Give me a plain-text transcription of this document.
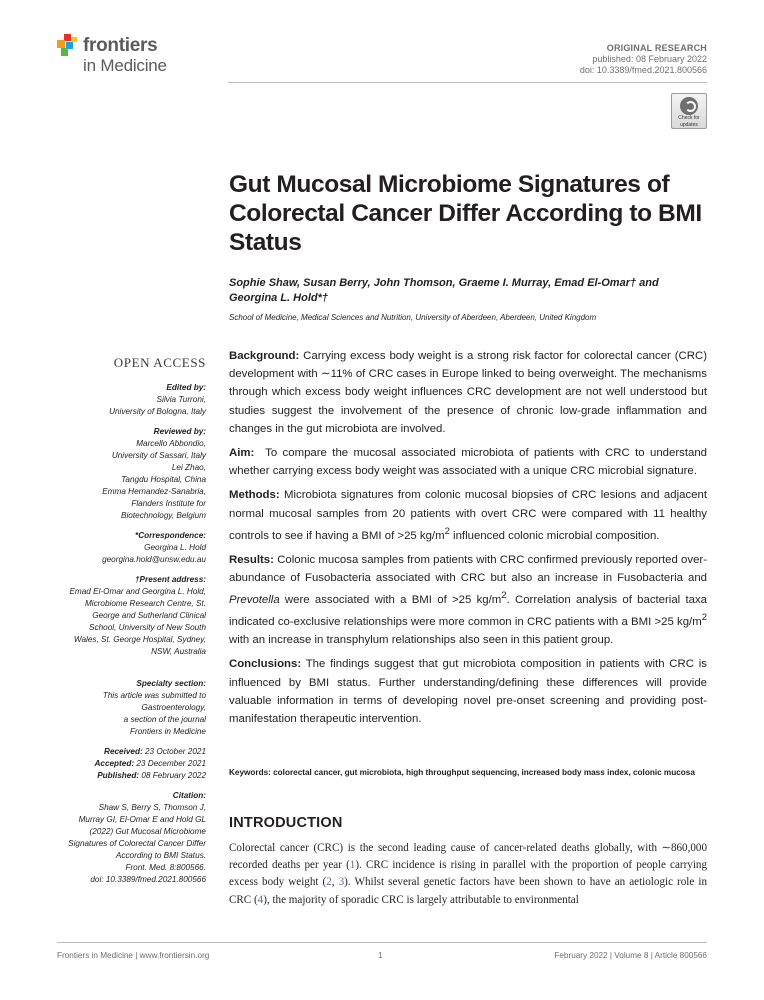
frontiers
in Medicine
ORIGINAL RESEARCH
published: 08 February 2022
doi: 10.3389/fmed.2021.800566
Check for
updates
Gut Mucosal Microbiome Signatures of Colorectal Cancer Differ According to BMI Status
Sophie Shaw, Susan Berry, John Thomson, Graeme I. Murray, Emad El-Omar† and Georgina L. Hold*†
School of Medicine, Medical Sciences and Nutrition, University of Aberdeen, Aberdeen, United Kingdom
OPEN ACCESS
Edited by:
Silvia Turroni,
University of Bologna, Italy
Reviewed by:
Marcello Abbondio,
University of Sassari, Italy
Lei Zhao,
Tangdu Hospital, China
Emma Hernandez-Sanabria,
Flanders Institute for
Biotechnology, Belgium
*Correspondence:
Georgina L. Hold
georgina.hold@unsw.edu.au
†Present address:
Emad El-Omar and Georgina L. Hold,
Microbiome Research Centre, St.
George and Sutherland Clinical
School, University of New South
Wales, St. George Hospital, Sydney,
NSW, Australia
Specialty section:
This article was submitted to
Gastroenterology,
a section of the journal
Frontiers in Medicine
Received: 23 October 2021
Accepted: 23 December 2021
Published: 08 February 2022
Citation:
Shaw S, Berry S, Thomson J,
Murray GI, El-Omar E and Hold GL
(2022) Gut Mucosal Microbiome
Signatures of Colorectal Cancer Differ
According to BMI Status.
Front. Med. 8:800566.
doi: 10.3389/fmed.2021.800566

Background: Carrying excess body weight is a strong risk factor for colorectal cancer (CRC) development with ∼11% of CRC cases in Europe linked to being overweight. The mechanisms through which excess body weight influences CRC development are not well understood but studies suggest the involvement of the presence of chronic low-grade inflammation and changes in the gut microbiota are involved.

Aim: To compare the mucosal associated microbiota of patients with CRC to understand whether carrying excess body weight was associated with a unique CRC microbial signature.

Methods: Microbiota signatures from colonic mucosal biopsies of CRC lesions and adjacent normal mucosal samples from 20 patients with overt CRC were compared with 11 healthy controls to see if having a BMI of >25 $kg/m^2$ influenced colonic microbial composition.

Results: Colonic mucosa samples from patients with CRC confirmed previously reported over-abundance of Fusobacteria associated with CRC but also an increase in Fusobacteria and Prevotella were associated with a BMI of >25 $kg/m^2$. Correlation analysis of bacterial taxa indicated co-exclusive relationships were more common in CRC patients with a BMI >25 $kg/m^2$ with an increase in transphylum relationships also seen in this patient group.

Conclusions: The findings suggest that gut microbiota composition in patients with CRC is influenced by BMI status. Further understanding/defining these differences will provide valuable information in terms of developing novel pre-onset screening and providing post-manifestation therapeutic intervention.

Keywords: colorectal cancer, gut microbiota, high throughput sequencing, increased body mass index, colonic mucosa
INTRODUCTION
Colorectal cancer (CRC) is the second leading cause of cancer-related deaths globally, with ∼860,000 recorded deaths per year (1). CRC incidence is rising in parallel with the proportion of people carrying excess body weight (2, 3). Whilst several genetic factors have been shown to have an aetiologic role in CRC (4), the majority of sporadic CRC is largely attributable to environmental
Frontiers in Medicine | www.frontiersin.org	1	February 2022 | Volume 8 | Article 800566
